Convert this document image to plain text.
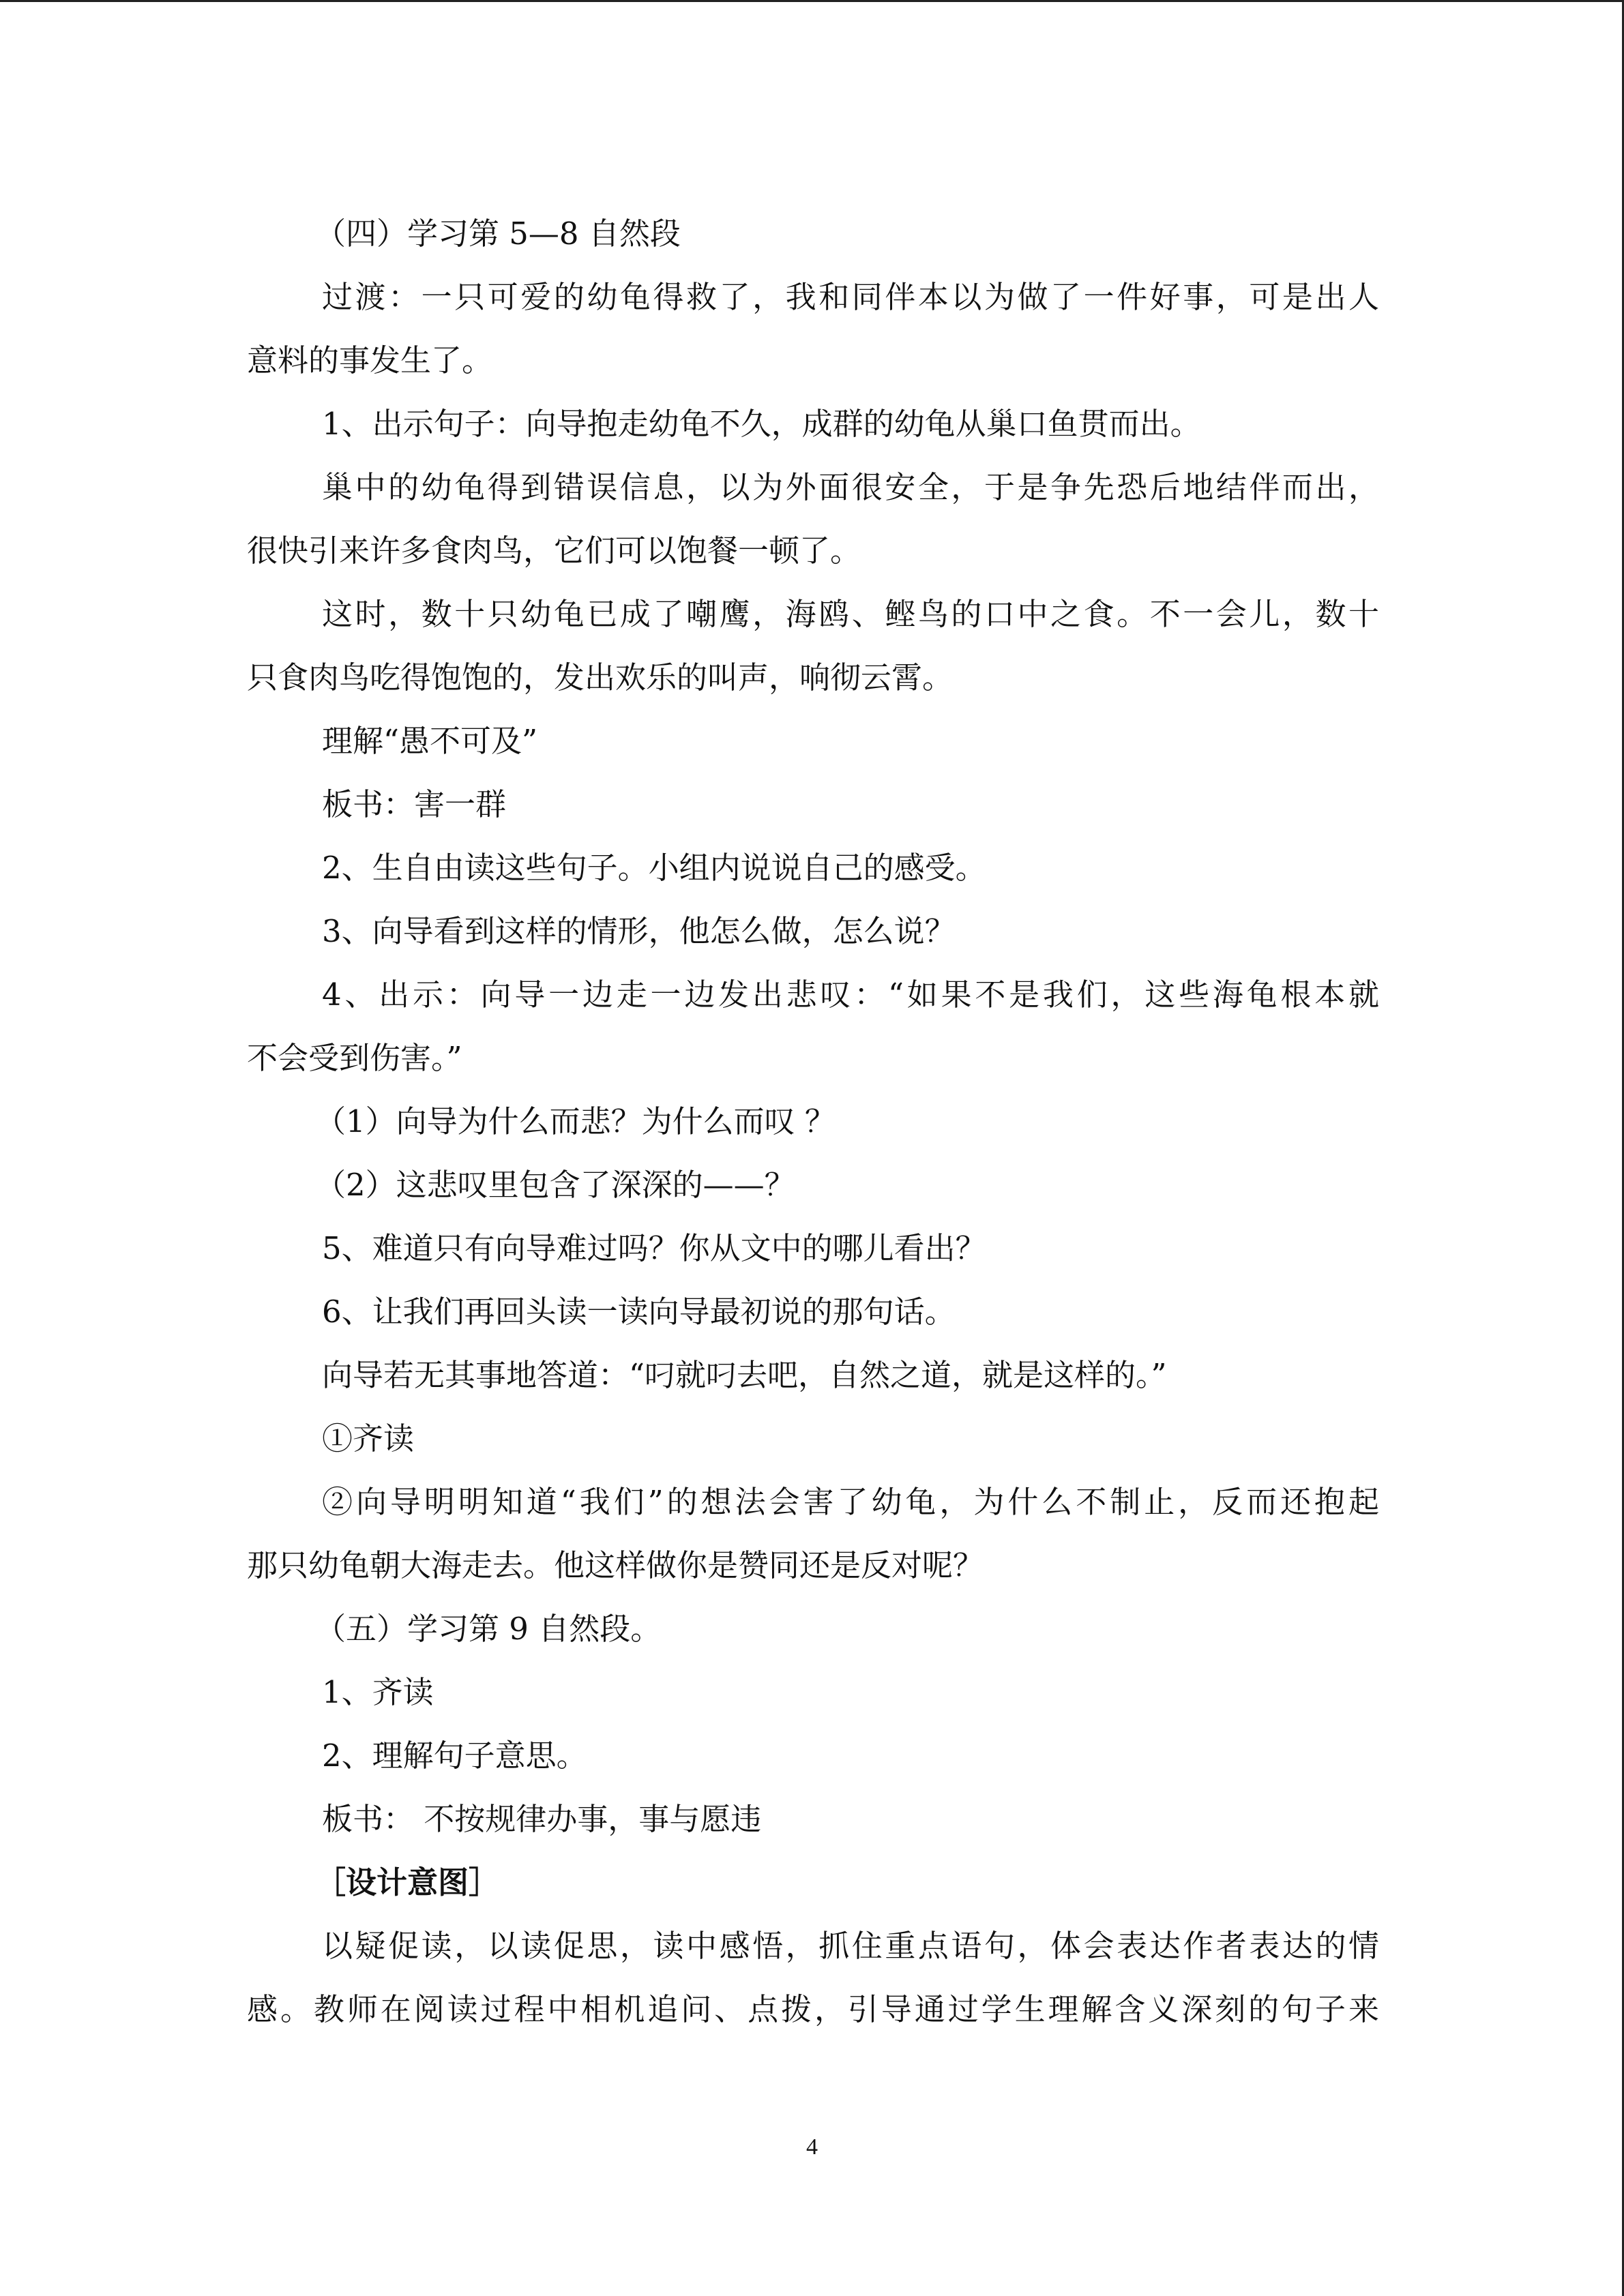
（四）学习第 5—8 自然段
过渡：一只可爱的幼龟得救了，我和同伴本以为做了一件好事，可是出人
意料的事发生了。
1、出示句子：向导抱走幼龟不久，成群的幼龟从巢口鱼贯而出。
巢中的幼龟得到错误信息，以为外面很安全，于是争先恐后地结伴而出，
很快引来许多食肉鸟，它们可以饱餐一顿了。
这时，数十只幼龟已成了嘲鹰，海鸥、鲣鸟的口中之食。不一会儿，数十
只食肉鸟吃得饱饱的，发出欢乐的叫声，响彻云霄。
理解“愚不可及”
板书：害一群
2、生自由读这些句子。小组内说说自己的感受。
3、向导看到这样的情形，他怎么做，怎么说？
4、出示：向导一边走一边发出悲叹：“如果不是我们，这些海龟根本就
不会受到伤害。”
（1）向导为什么而悲？为什么而叹 ？
（2）这悲叹里包含了深深的——？
5、难道只有向导难过吗？你从文中的哪儿看出？
6、让我们再回头读一读向导最初说的那句话。
向导若无其事地答道：“叼就叼去吧，自然之道，就是这样的。”
①齐读
②向导明明知道“我们”的想法会害了幼龟，为什么不制止，反而还抱起
那只幼龟朝大海走去。他这样做你是赞同还是反对呢？
（五）学习第 9 自然段。
1、齐读
2、理解句子意思。
板书： 不按规律办事，事与愿违
［设计意图］
以疑促读，以读促思，读中感悟，抓住重点语句，体会表达作者表达的情
感。教师在阅读过程中相机追问、点拨，引导通过学生理解含义深刻的句子来
4
